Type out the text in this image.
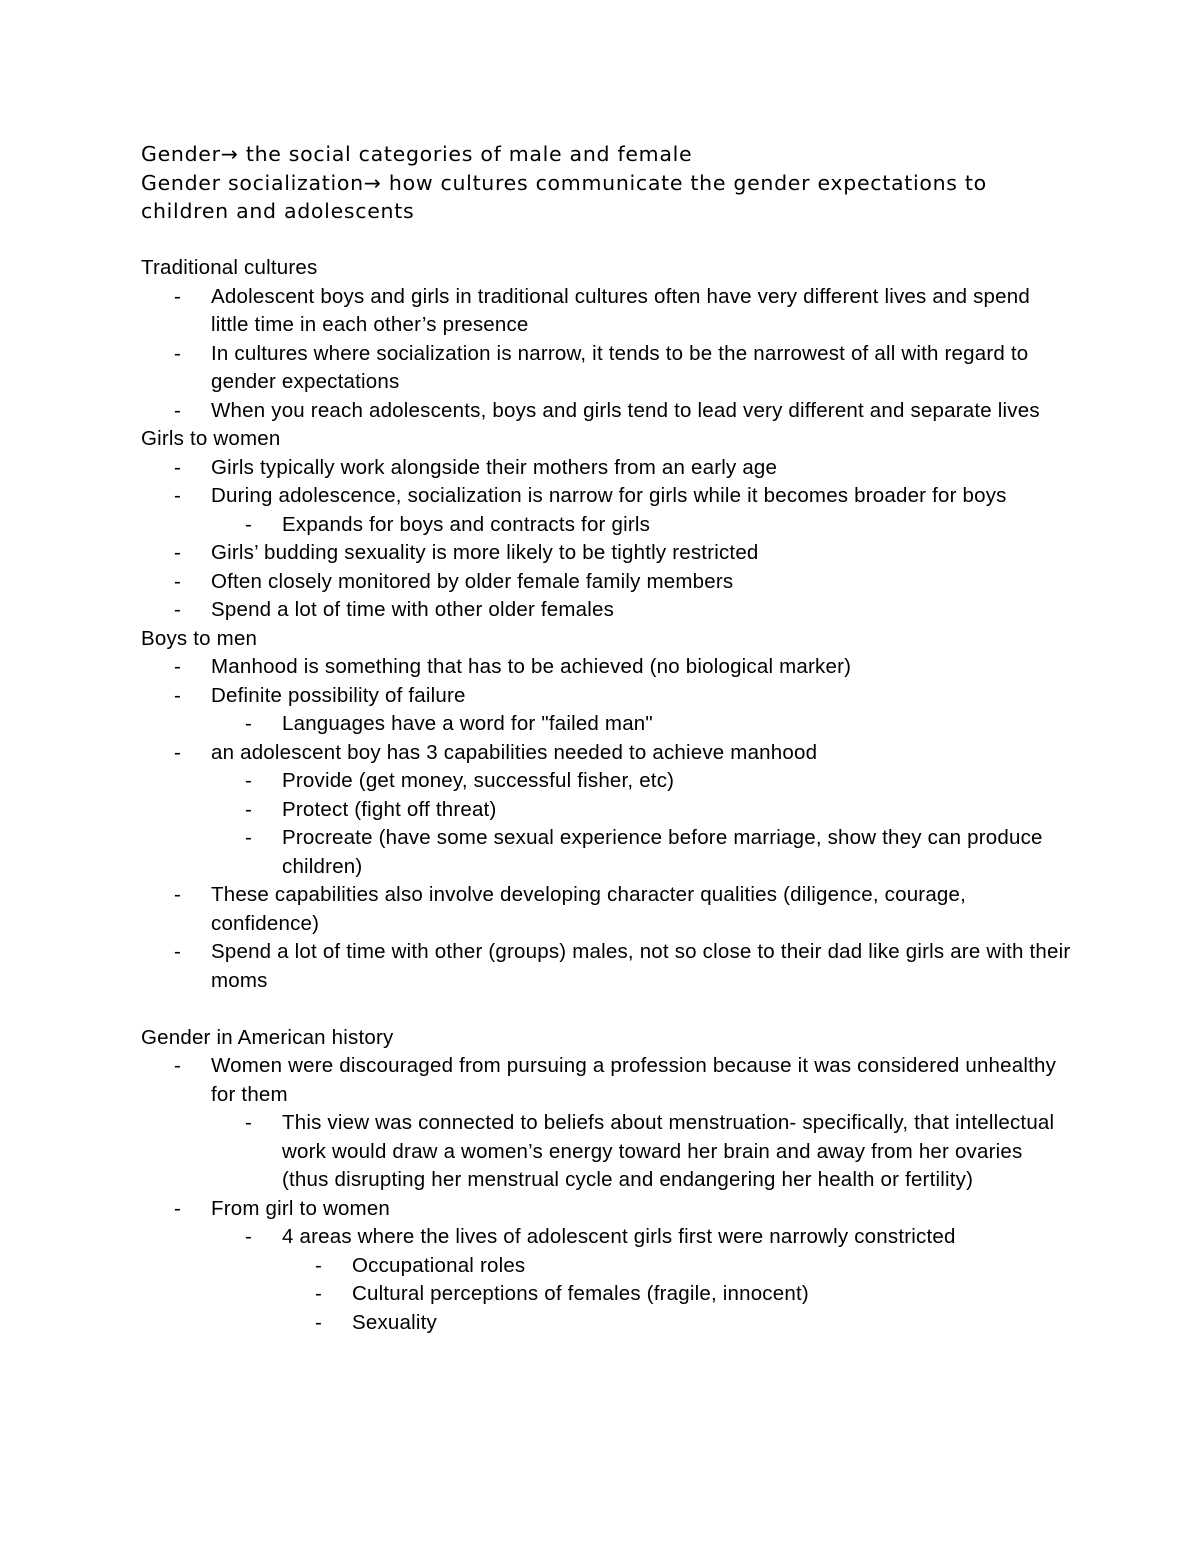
Gender→ the social categories of male and female

Gender socialization→ how cultures communicate the gender expectations to children and adolescents

Traditional cultures

- Adolescent boys and girls in traditional cultures often have very different lives and spend little time in each other’s presence
- In cultures where socialization is narrow, it tends to be the narrowest of all with regard to gender expectations
- When you reach adolescents, boys and girls tend to lead very different and separate lives

Girls to women

- Girls typically work alongside their mothers from an early age
- During adolescence, socialization is narrow for girls while it becomes broader for boys
- Expands for boys and contracts for girls
- Girls’ budding sexuality is more likely to be tightly restricted
- Often closely monitored by older female family members
- Spend a lot of time with other older females

Boys to men

- Manhood is something that has to be achieved (no biological marker)
- Definite possibility of failure
- Languages have a word for "failed man"
- an adolescent boy has 3 capabilities needed to achieve manhood
- Provide (get money, successful fisher, etc)
- Protect (fight off threat)
- Procreate (have some sexual experience before marriage, show they can produce children)
- These capabilities also involve developing character qualities (diligence, courage, confidence)
- Spend a lot of time with other (groups) males, not so close to their dad like girls are with their moms

Gender in American history

- Women were discouraged from pursuing a profession because it was considered unhealthy for them
- This view was connected to beliefs about menstruation- specifically, that intellectual work would draw a women’s energy toward her brain and away from her ovaries (thus disrupting her menstrual cycle and endangering her health or fertility)
- From girl to women
- 4 areas where the lives of adolescent girls first were narrowly constricted
- Occupational roles
- Cultural perceptions of females (fragile, innocent)
- Sexuality
